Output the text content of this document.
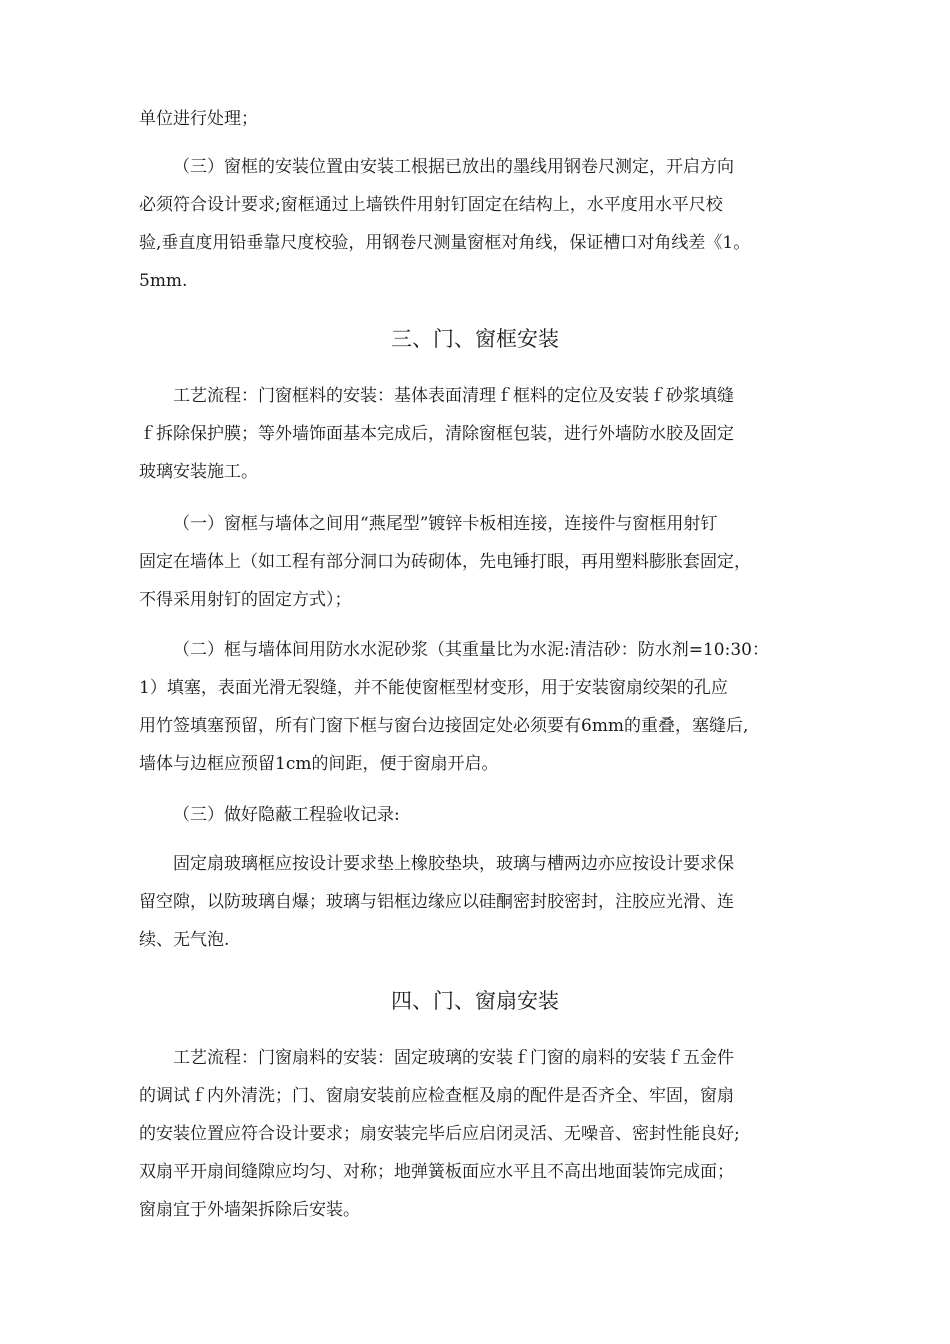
单位进行处理；
（三）窗框的安装位置由安装工根据已放出的墨线用钢卷尺测定，开启方向
必须符合设计要求;窗框通过上墙铁件用射钉固定在结构上，水平度用水平尺校
验,垂直度用铅垂靠尺度校验，用钢卷尺测量窗框对角线，保证槽口对角线差《1。
5mm.
三、门、窗框安装
工艺流程：门窗框料的安装：基体表面清理ｆ框料的定位及安装ｆ砂浆填缝
ｆ拆除保护膜；等外墙饰面基本完成后，清除窗框包装，进行外墙防水胶及固定
玻璃安装施工。
（一）窗框与墙体之间用“燕尾型”镀锌卡板相连接，连接件与窗框用射钉
固定在墙体上（如工程有部分洞口为砖砌体，先电锤打眼，再用塑料膨胀套固定，
不得采用射钉的固定方式）；
（二）框与墙体间用防水水泥砂浆（其重量比为水泥:清洁砂：防水剂=10:30：
1）填塞，表面光滑无裂缝，并不能使窗框型材变形，用于安装窗扇绞架的孔应
用竹签填塞预留，所有门窗下框与窗台边接固定处必须要有6mm的重叠，塞缝后,
墙体与边框应预留1cm的间距，便于窗扇开启。
（三）做好隐蔽工程验收记录:
固定扇玻璃框应按设计要求垫上橡胶垫块，玻璃与槽两边亦应按设计要求保
留空隙，以防玻璃自爆；玻璃与铝框边缘应以硅酮密封胶密封，注胶应光滑、连
续、无气泡.
四、门、窗扇安装
工艺流程：门窗扇料的安装：固定玻璃的安装ｆ门窗的扇料的安装ｆ五金件
的调试ｆ内外清洗；门、窗扇安装前应检查框及扇的配件是否齐全、牢固，窗扇
的安装位置应符合设计要求；扇安装完毕后应启闭灵活、无噪音、密封性能良好;
双扇平开扇间缝隙应均匀、对称；地弹簧板面应水平且不高出地面装饰完成面；
窗扇宜于外墙架拆除后安装。
